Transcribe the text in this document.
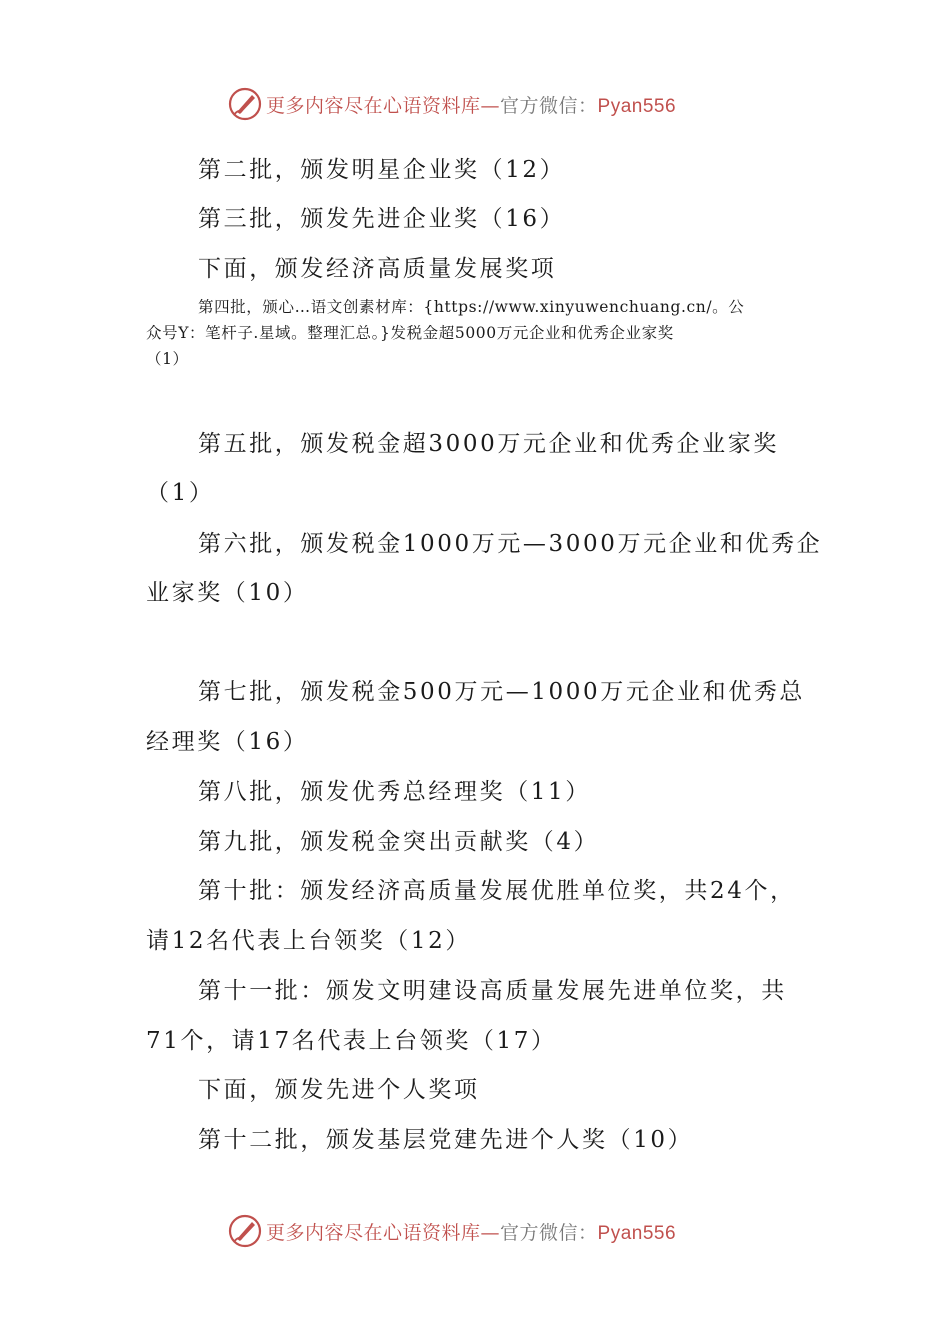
更多内容尽在心语资料库—官方微信：Pyan556
第二批，颁发明星企业奖（12）
第三批，颁发先进企业奖（16）
下面，颁发经济高质量发展奖项
第四批，颁心…语文创素材库：{https://www.xinyuwenchuang.cn/。公
众号Y：笔杆子.星域。整理汇总。}发税金超5000万元企业和优秀企业家奖
（1）
第五批，颁发税金超3000万元企业和优秀企业家奖
（1）
第六批，颁发税金1000万元—3000万元企业和优秀企
业家奖（10）
第七批，颁发税金500万元—1000万元企业和优秀总
经理奖（16）
第八批，颁发优秀总经理奖（11）
第九批，颁发税金突出贡献奖（4）
第十批：颁发经济高质量发展优胜单位奖，共24个，
请12名代表上台领奖（12）
第十一批：颁发文明建设高质量发展先进单位奖，共
71个，请17名代表上台领奖（17）
下面，颁发先进个人奖项
第十二批，颁发基层党建先进个人奖（10）
更多内容尽在心语资料库—官方微信：Pyan556
